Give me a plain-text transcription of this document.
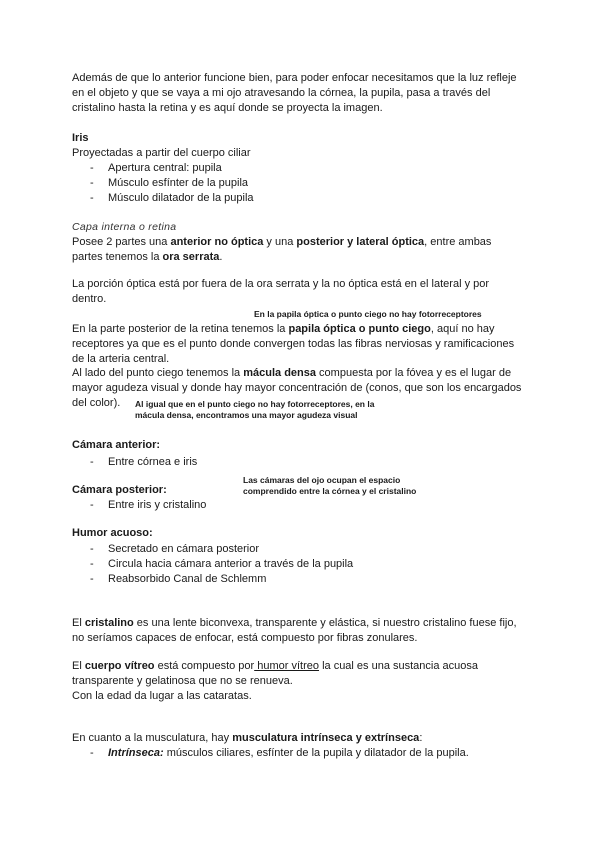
Además de que lo anterior funcione bien, para poder enfocar necesitamos que la luz refleje
en el objeto y que se vaya a mi ojo atravesando la córnea, la pupila, pasa a través del
cristalino hasta la retina y es aquí donde se proyecta la imagen.
Iris
Proyectadas a partir del cuerpo ciliar
- Apertura central: pupila
- Músculo esfínter de la pupila
- Músculo dilatador de la pupila
Capa interna o retina
Posee 2 partes una anterior no óptica y una posterior y lateral óptica, entre ambas
partes tenemos la ora serrata.
La porción óptica está por fuera de la ora serrata y la no óptica está en el lateral y por
dentro.
En la papila óptica o punto ciego no hay fotorreceptores
En la parte posterior de la retina tenemos la papila óptica o punto ciego, aquí no hay
receptores ya que es el punto donde convergen todas las fibras nerviosas y ramificaciones
de la arteria central.
Al lado del punto ciego tenemos la mácula densa compuesta por la fóvea y es el lugar de
mayor agudeza visual y donde hay mayor concentración de (conos, que son los encargados
del color).	Al igual que en el punto ciego no hay fotorreceptores, en la
mácula densa, encontramos una mayor agudeza visual
Cámara anterior:
- Entre córnea e iris
Las cámaras del ojo ocupan el espacio
comprendido entre la córnea y el cristalino
Cámara posterior:
- Entre iris y cristalino
Humor acuoso:
- Secretado en cámara posterior
- Circula hacia cámara anterior a través de la pupila
- Reabsorbido Canal de Schlemm
El cristalino es una lente biconvexa, transparente y elástica, si nuestro cristalino fuese fijo,
no seríamos capaces de enfocar, está compuesto por fibras zonulares.
El cuerpo vítreo está compuesto por humor vítreo la cual es una sustancia acuosa
transparente y gelatinosa que no se renueva.
Con la edad da lugar a las cataratas.
En cuanto a la musculatura, hay musculatura intrínseca y extrínseca:
- Intrínseca: músculos ciliares, esfínter de la pupila y dilatador de la pupila.
